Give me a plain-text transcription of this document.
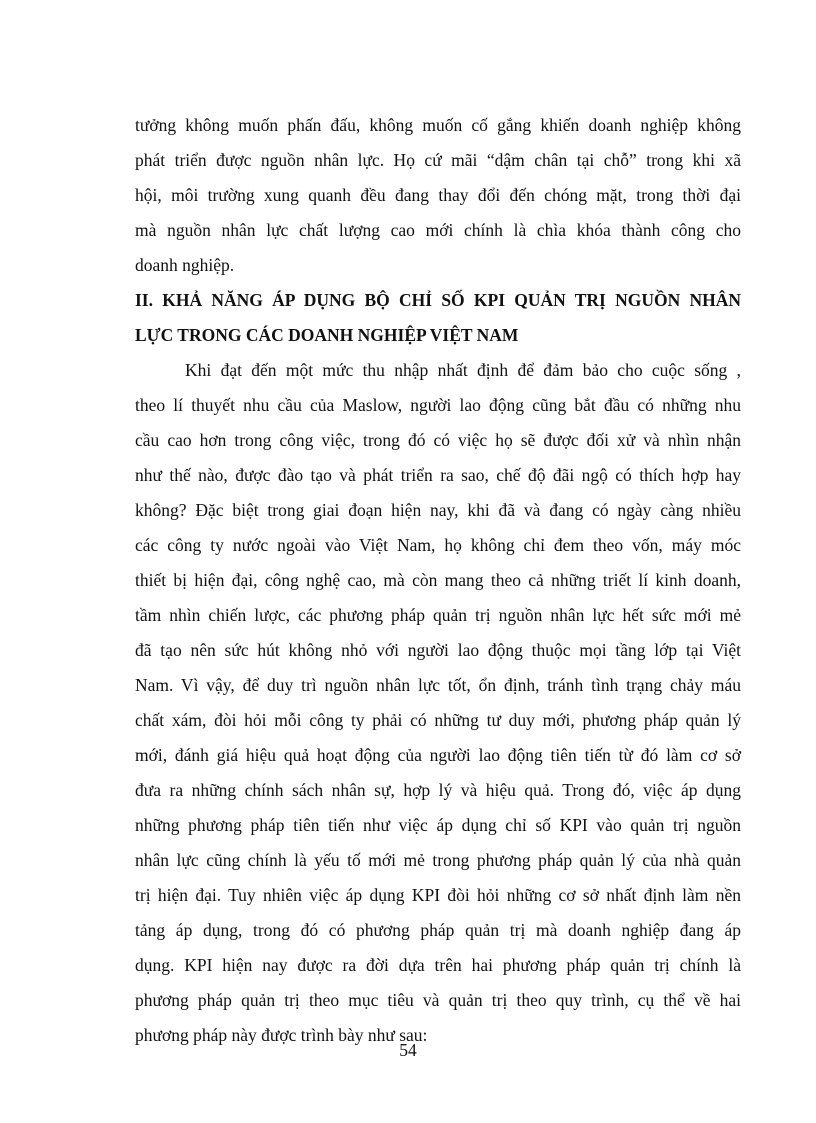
tưởng không muốn phấn đấu, không muốn cố gắng khiến doanh nghiệp không
phát triển được nguồn nhân lực. Họ cứ mãi “dậm chân tại chỗ” trong khi xã
hội, môi trường xung quanh đều đang thay đổi đến chóng mặt, trong thời đại
mà nguồn nhân lực chất lượng cao mới chính là chìa khóa thành công cho
doanh nghiệp.
II. KHẢ NĂNG ÁP DỤNG BỘ CHỈ SỐ KPI QUẢN TRỊ NGUỒN NHÂN
LỰC TRONG CÁC DOANH NGHIỆP VIỆT NAM
Khi đạt đến một mức thu nhập nhất định để đảm bảo cho cuộc sống ,
theo lí thuyết nhu cầu của Maslow, người lao động cũng bắt đầu có những nhu
cầu cao hơn trong công việc, trong đó có việc họ sẽ được đối xử và nhìn nhận
như thế nào, được đào tạo và phát triển ra sao, chế độ đãi ngộ có thích hợp hay
không? Đặc biệt trong giai đoạn hiện nay, khi đã và đang có ngày càng nhiều
các công ty nước ngoài vào Việt Nam, họ không chỉ đem theo vốn, máy móc
thiết bị hiện đại, công nghệ cao, mà còn mang theo cả những triết lí kinh doanh,
tầm nhìn chiến lược, các phương pháp quản trị nguồn nhân lực hết sức mới mẻ
đã tạo nên sức hút không nhỏ với người lao động thuộc mọi tầng lớp tại Việt
Nam. Vì vậy, để duy trì nguồn nhân lực tốt, ổn định, tránh tình trạng chảy máu
chất xám, đòi hỏi mỗi công ty phải có những tư duy mới, phương pháp quản lý
mới, đánh giá hiệu quả hoạt động của người lao động tiên tiến từ đó làm cơ sở
đưa ra những chính sách nhân sự, hợp lý và hiệu quả. Trong đó, việc áp dụng
những phương pháp tiên tiến như việc áp dụng chỉ số KPI vào quản trị nguồn
nhân lực cũng chính là yếu tố mới mẻ trong phương pháp quản lý của nhà quản
trị hiện đại. Tuy nhiên việc áp dụng KPI đòi hỏi những cơ sở nhất định làm nền
tảng áp dụng, trong đó có phương pháp quản trị mà doanh nghiệp đang áp
dụng. KPI hiện nay được ra đời dựa trên hai phương pháp quản trị chính là
phương pháp quản trị theo mục tiêu và quản trị theo quy trình, cụ thể về hai
phương pháp này được trình bày như sau:
54
